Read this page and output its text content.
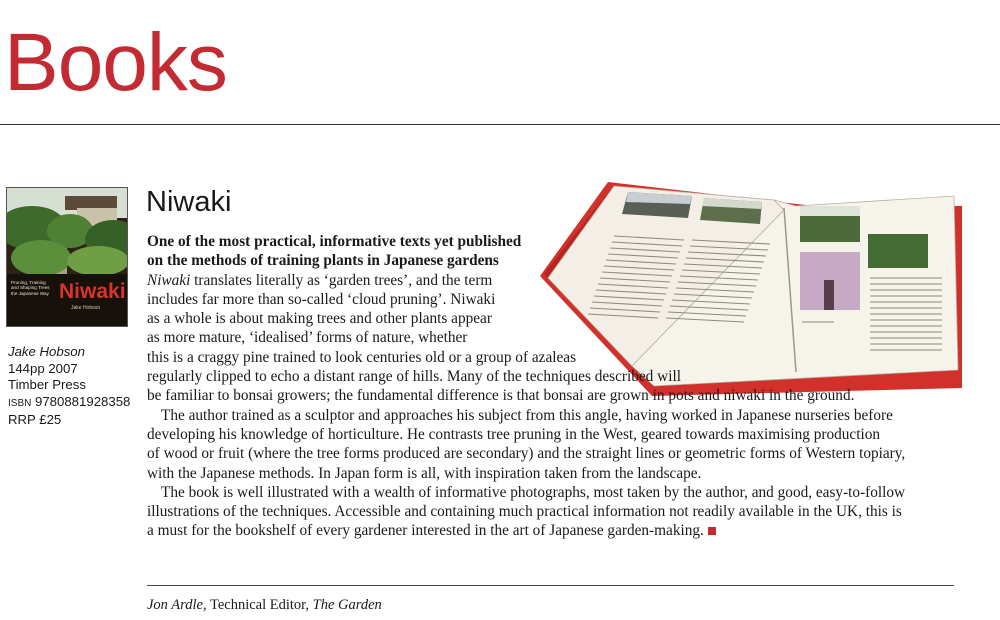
Books
Pruning, Training
and Shaping Trees
the Japanese Way Niwaki
Jake Hobson
Jake Hobson
144pp 2007
Timber Press
ISBN 9780881928358
RRP £25
Niwaki
One of the most practical, informative texts yet published
on the methods of training plants in Japanese gardens
Niwaki translates literally as ‘garden trees’, and the term
includes far more than so-called ‘cloud pruning’. Niwaki
as a whole is about making trees and other plants appear
as more mature, ‘idealised’ forms of nature, whether
this is a craggy pine trained to look centuries old or a group of azaleas
regularly clipped to echo a distant range of hills. Many of the techniques described will
be familiar to bonsai growers; the fundamental difference is that bonsai are grown in pots and niwaki in the ground.
The author trained as a sculptor and approaches his subject from this angle, having worked in Japanese nurseries before
developing his knowledge of horticulture. He contrasts tree pruning in the West, geared towards maximising production
of wood or fruit (where the tree forms produced are secondary) and the straight lines or geometric forms of Western topiary,
with the Japanese methods. In Japan form is all, with inspiration taken from the landscape.
The book is well illustrated with a wealth of informative photographs, most taken by the author, and good, easy-to-follow
illustrations of the techniques. Accessible and containing much practical information not readily available in the UK, this is
a must for the bookshelf of every gardener interested in the art of Japanese garden-making.
Jon Ardle, Technical Editor, The Garden
